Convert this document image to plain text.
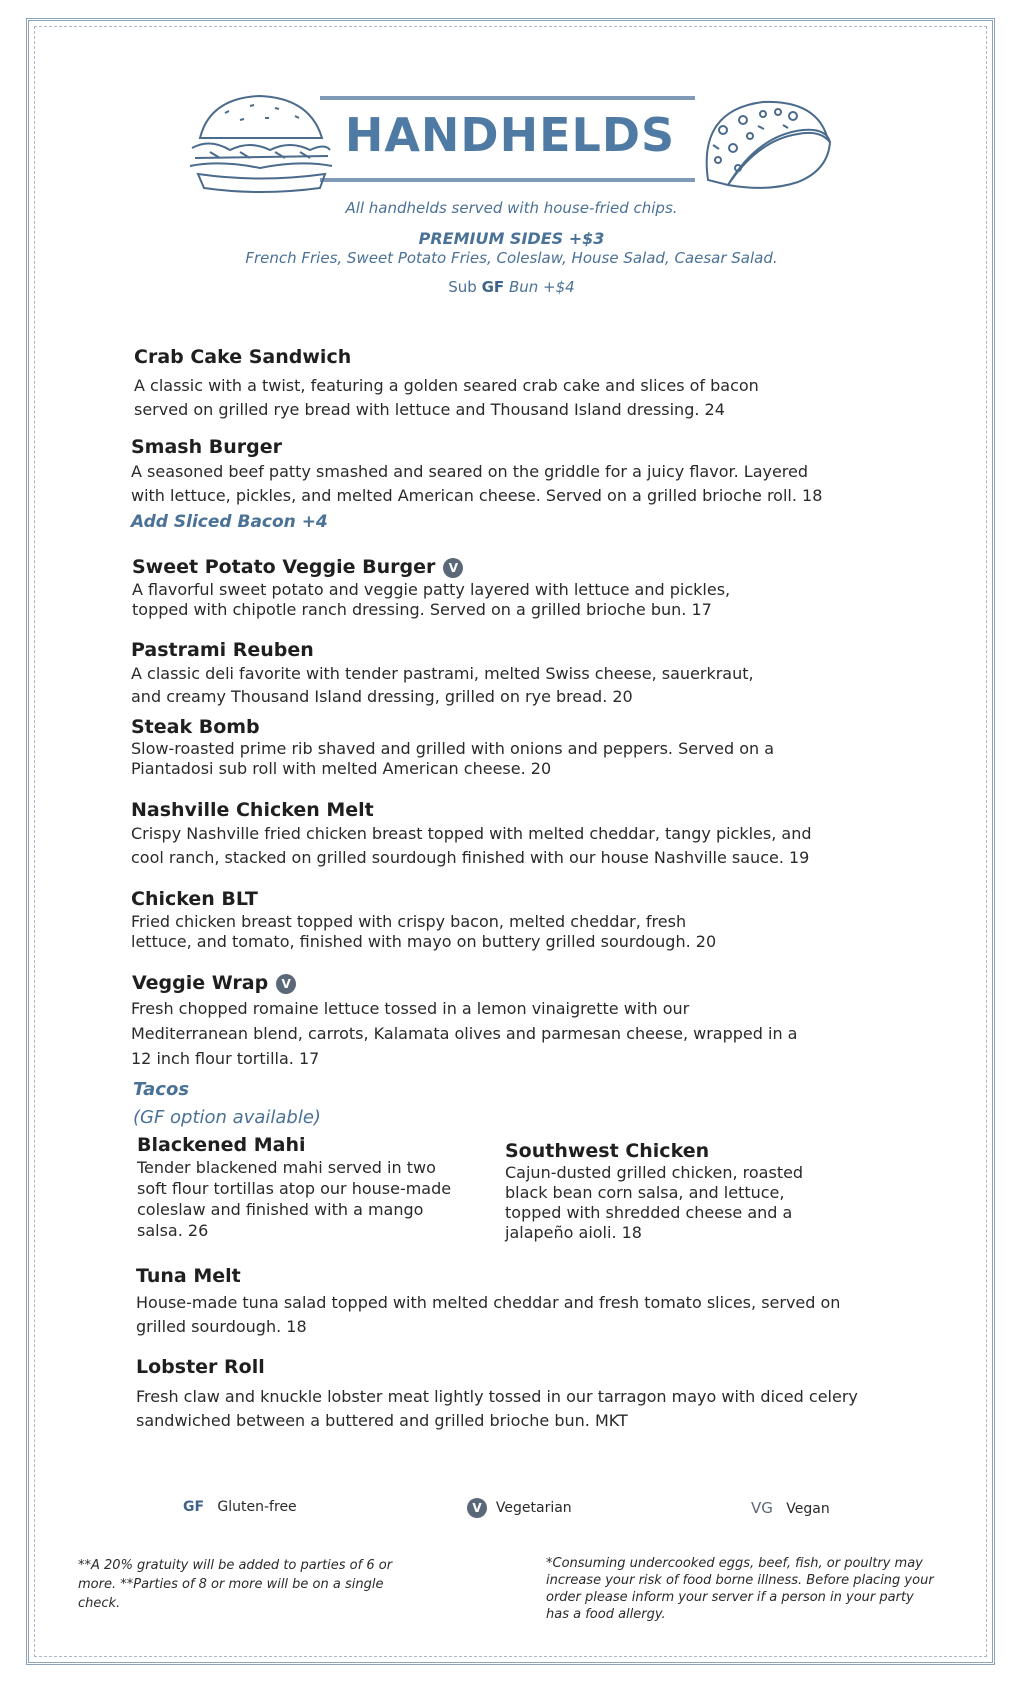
HANDHELDS
All handhelds served with house-fried chips.
PREMIUM SIDES +$3
French Fries, Sweet Potato Fries, Coleslaw, House Salad, Caesar Salad.
Sub GF Bun +$4
Crab Cake Sandwich
A classic with a twist, featuring a golden seared crab cake and slices of bacon
served on grilled rye bread with lettuce and Thousand Island dressing. 24
Smash Burger
A seasoned beef patty smashed and seared on the griddle for a juicy flavor. Layered
with lettuce, pickles, and melted American cheese. Served on a grilled brioche roll. 18
Add Sliced Bacon +4
Sweet Potato Veggie Burger V
A flavorful sweet potato and veggie patty layered with lettuce and pickles,
topped with chipotle ranch dressing. Served on a grilled brioche bun. 17
Pastrami Reuben
A classic deli favorite with tender pastrami, melted Swiss cheese, sauerkraut,
and creamy Thousand Island dressing, grilled on rye bread. 20
Steak Bomb
Slow-roasted prime rib shaved and grilled with onions and peppers. Served on a
Piantadosi sub roll with melted American cheese. 20
Nashville Chicken Melt
Crispy Nashville fried chicken breast topped with melted cheddar, tangy pickles, and
cool ranch, stacked on grilled sourdough finished with our house Nashville sauce. 19
Chicken BLT
Fried chicken breast topped with crispy bacon, melted cheddar, fresh
lettuce, and tomato, finished with mayo on buttery grilled sourdough. 20
Veggie Wrap V
Fresh chopped romaine lettuce tossed in a lemon vinaigrette with our
Mediterranean blend, carrots, Kalamata olives and parmesan cheese, wrapped in a
12 inch flour tortilla. 17
Tacos
(GF option available)
Blackened Mahi
Tender blackened mahi served in two
soft flour tortillas atop our house-made
coleslaw and finished with a mango
salsa. 26
Southwest Chicken
Cajun-dusted grilled chicken, roasted
black bean corn salsa, and lettuce,
topped with shredded cheese and a
jalapeño aioli. 18
Tuna Melt
House-made tuna salad topped with melted cheddar and fresh tomato slices, served on
grilled sourdough. 18
Lobster Roll
Fresh claw and knuckle lobster meat lightly tossed in our tarragon mayo with diced celery
sandwiched between a buttered and grilled brioche bun. MKT
GF Gluten-free	V Vegetarian	VG Vegan
**A 20% gratuity will be added to parties of 6 or
more. **Parties of 8 or more will be on a single
check.
*Consuming undercooked eggs, beef, fish, or poultry may
increase your risk of food borne illness. Before placing your
order please inform your server if a person in your party
has a food allergy.
